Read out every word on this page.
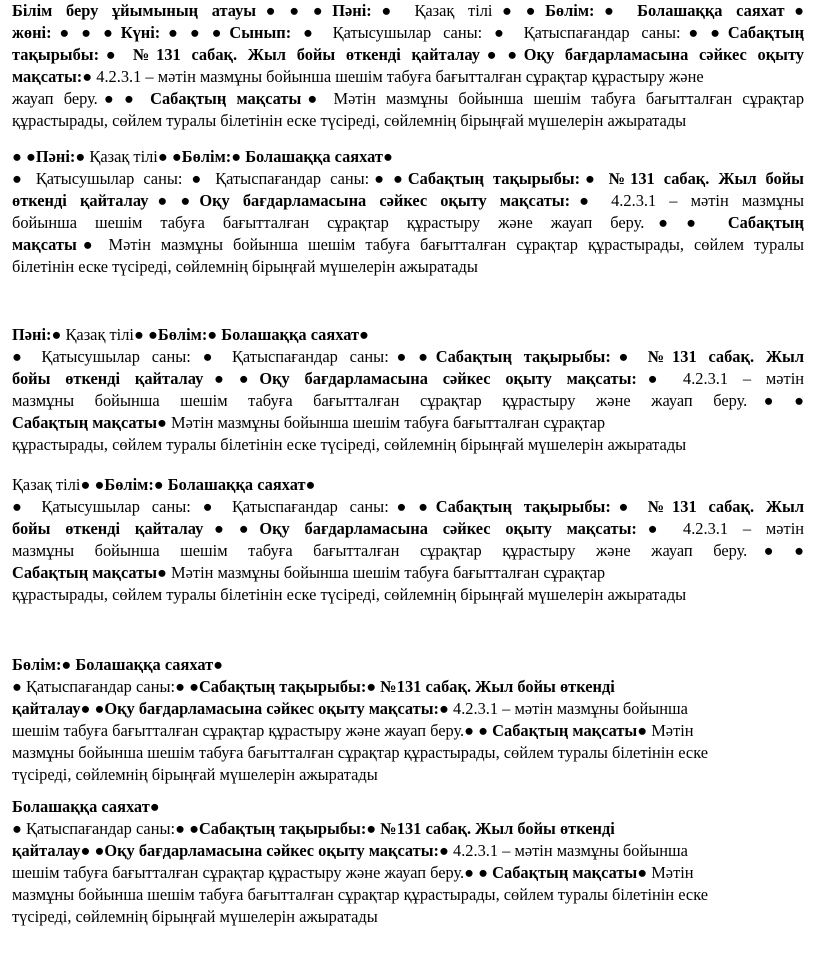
Білім беру ұйымының атауы● ● ●Пәні:● Қазақ тілі● ●Бөлім:● Болашаққа саяхат●
жөні:● ● ●Күні:● ● ●Сынып: ● Қатысушылар саны: ● Қатыспағандар саны:● ●Сабақтың
тақырыбы:● №131 сабақ. Жыл бойы өткенді қайталау● ●Оқу бағдарламасына сәйкес оқыту
мақсаты:● 4.2.3.1 – мәтін мазмұны бойынша шешім табуға бағытталған сұрақтар құрастыру және
жауап беру.● ● Сабақтың мақсаты● Мәтін мазмұны бойынша шешім табуға бағытталған сұрақтар
құрастырады, сөйлем туралы білетінін еске түсіреді, сөйлемнің бірыңғай мүшелерін ажыратады
● ●Пәні:● Қазақ тілі● ●Бөлім:● Болашаққа саяхат●
● Қатысушылар саны: ● Қатыспағандар саны:● ●Сабақтың тақырыбы:● №131 сабақ. Жыл бойы
өткенді қайталау● ●Оқу бағдарламасына сәйкес оқыту мақсаты:● 4.2.3.1 – мәтін мазмұны
бойынша шешім табуға бағытталған сұрақтар құрастыру және жауап беру.● ● Сабақтың
мақсаты● Мәтін мазмұны бойынша шешім табуға бағытталған сұрақтар құрастырады, сөйлем туралы
білетінін еске түсіреді, сөйлемнің бірыңғай мүшелерін ажыратады
Пәні:● Қазақ тілі● ●Бөлім:● Болашаққа саяхат●
● Қатысушылар саны: ● Қатыспағандар саны:● ●Сабақтың тақырыбы:● №131 сабақ. Жыл
бойы өткенді қайталау● ●Оқу бағдарламасына сәйкес оқыту мақсаты:● 4.2.3.1 – мәтін
мазмұны бойынша шешім табуға бағытталған сұрақтар құрастыру және жауап беру.● ●
Сабақтың мақсаты● Мәтін мазмұны бойынша шешім табуға бағытталған сұрақтар
құрастырады, сөйлем туралы білетінін еске түсіреді, сөйлемнің бірыңғай мүшелерін ажыратады
Қазақ тілі● ●Бөлім:● Болашаққа саяхат●
● Қатысушылар саны: ● Қатыспағандар саны:● ●Сабақтың тақырыбы:● №131 сабақ. Жыл
бойы өткенді қайталау● ●Оқу бағдарламасына сәйкес оқыту мақсаты:● 4.2.3.1 – мәтін
мазмұны бойынша шешім табуға бағытталған сұрақтар құрастыру және жауап беру.● ●
Сабақтың мақсаты● Мәтін мазмұны бойынша шешім табуға бағытталған сұрақтар
құрастырады, сөйлем туралы білетінін еске түсіреді, сөйлемнің бірыңғай мүшелерін ажыратады
Бөлім:● Болашаққа саяхат●
● Қатыспағандар саны:● ●Сабақтың тақырыбы:● №131 сабақ. Жыл бойы өткенді
қайталау● ●Оқу бағдарламасына сәйкес оқыту мақсаты:● 4.2.3.1 – мәтін мазмұны бойынша
шешім табуға бағытталған сұрақтар құрастыру және жауап беру.● ● Сабақтың мақсаты● Мәтін
мазмұны бойынша шешім табуға бағытталған сұрақтар құрастырады, сөйлем туралы білетінін еске
түсіреді, сөйлемнің бірыңғай мүшелерін ажыратады
Болашаққа саяхат●
● Қатыспағандар саны:● ●Сабақтың тақырыбы:● №131 сабақ. Жыл бойы өткенді
қайталау● ●Оқу бағдарламасына сәйкес оқыту мақсаты:● 4.2.3.1 – мәтін мазмұны бойынша
шешім табуға бағытталған сұрақтар құрастыру және жауап беру.● ● Сабақтың мақсаты● Мәтін
мазмұны бойынша шешім табуға бағытталған сұрақтар құрастырады, сөйлем туралы білетінін еске
түсіреді, сөйлемнің бірыңғай мүшелерін ажыратады
